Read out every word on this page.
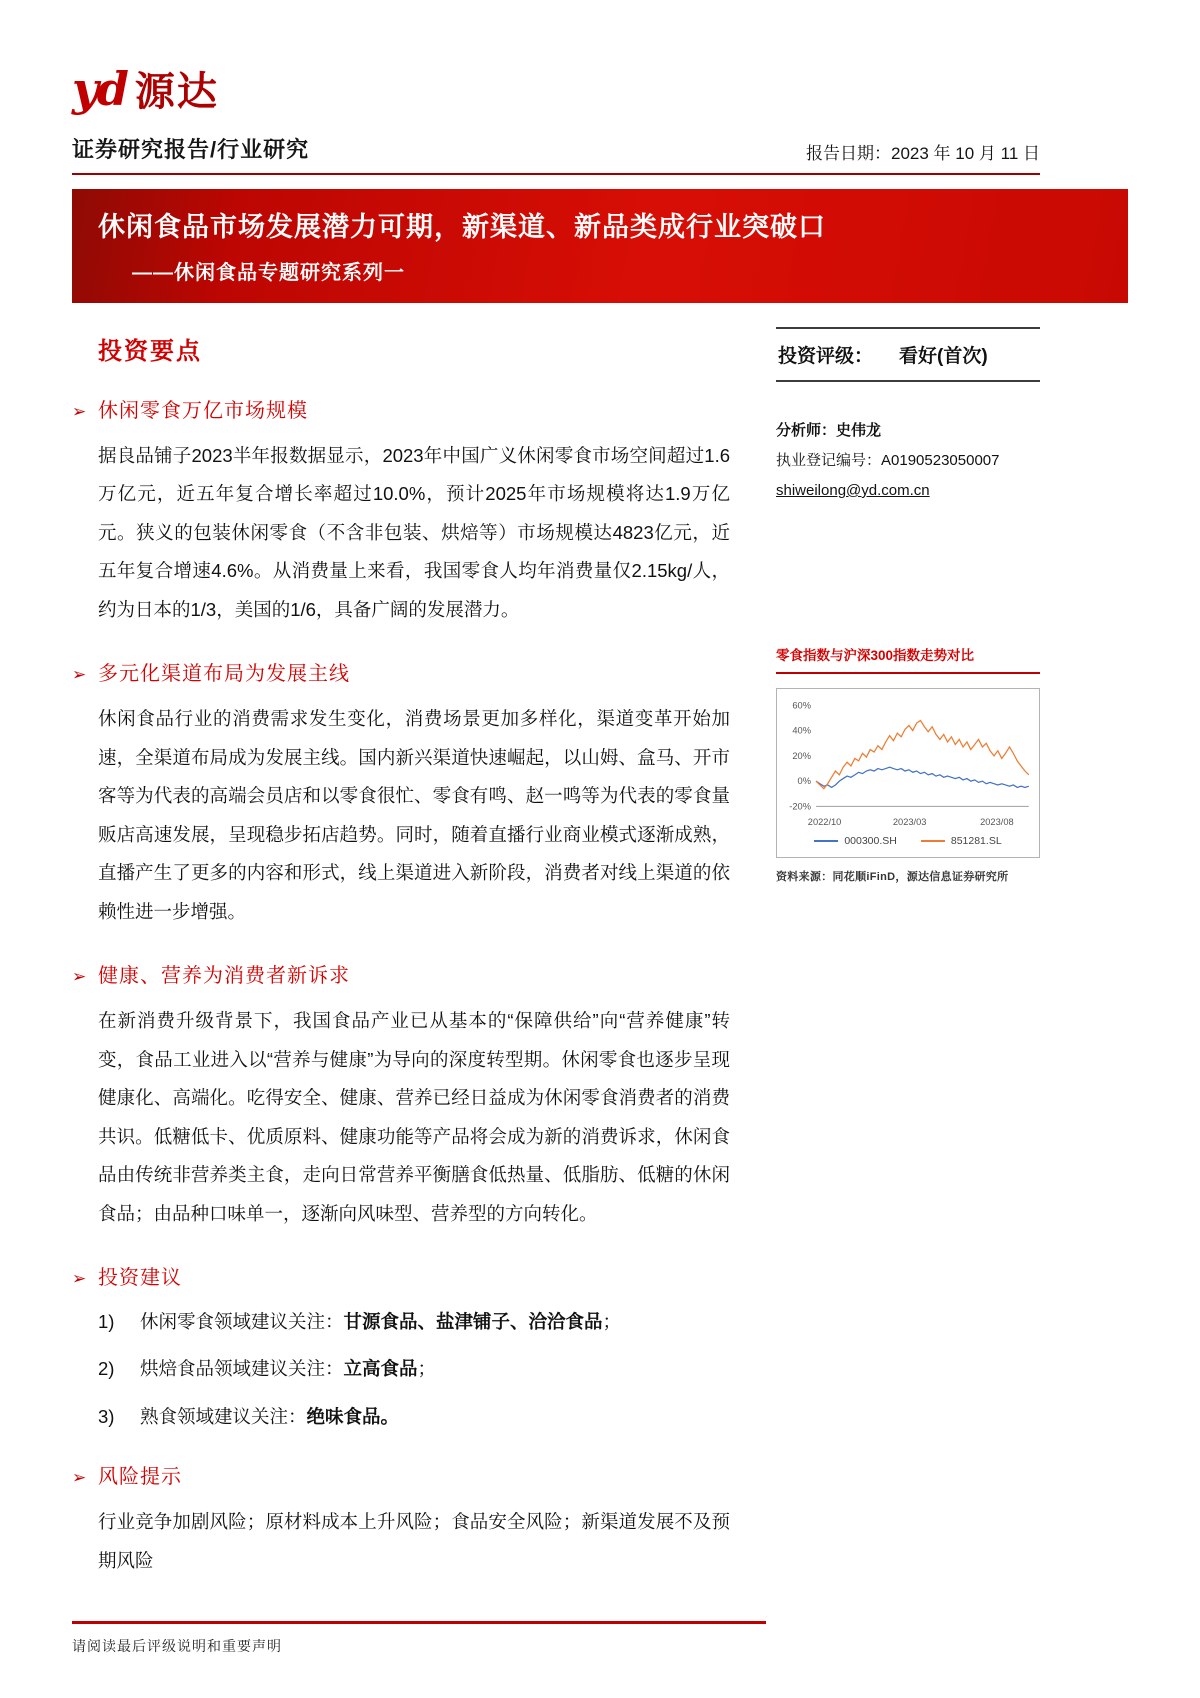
yd 源达
证券研究报告/行业研究	报告日期：2023 年 10 月 11 日
休闲食品市场发展潜力可期，新渠道、新品类成行业突破口
——休闲食品专题研究系列一
投资要点
➢ 休闲零食万亿市场规模

据良品铺子2023半年报数据显示，2023年中国广义休闲零食市场空间超过1.6万亿元，近五年复合增长率超过10.0%，预计2025年市场规模将达1.9万亿元。狭义的包装休闲零食（不含非包装、烘焙等）市场规模达4823亿元，近五年复合增速4.6%。从消费量上来看，我国零食人均年消费量仅2.15kg/人，约为日本的1/3，美国的1/6，具备广阔的发展潜力。

➢ 多元化渠道布局为发展主线

休闲食品行业的消费需求发生变化，消费场景更加多样化，渠道变革开始加速，全渠道布局成为发展主线。国内新兴渠道快速崛起，以山姆、盒马、开市客等为代表的高端会员店和以零食很忙、零食有鸣、赵一鸣等为代表的零食量贩店高速发展，呈现稳步拓店趋势。同时，随着直播行业商业模式逐渐成熟，直播产生了更多的内容和形式，线上渠道进入新阶段，消费者对线上渠道的依赖性进一步增强。

➢ 健康、营养为消费者新诉求

在新消费升级背景下，我国食品产业已从基本的“保障供给”向“营养健康”转变，食品工业进入以“营养与健康”为导向的深度转型期。休闲零食也逐步呈现健康化、高端化。吃得安全、健康、营养已经日益成为休闲零食消费者的消费共识。低糖低卡、优质原料、健康功能等产品将会成为新的消费诉求，休闲食品由传统非营养类主食，走向日常营养平衡膳食低热量、低脂肪、低糖的休闲食品；由品种口味单一，逐渐向风味型、营养型的方向转化。

➢ 投资建议
1)	休闲零食领域建议关注：甘源食品、盐津铺子、洽洽食品；
2)	烘焙食品领域建议关注：立高食品；
3)	熟食领域建议关注：绝味食品。
➢ 风险提示

行业竞争加剧风险；原材料成本上升风险；食品安全风险；新渠道发展不及预期风险

投资评级： 看好(首次)
分析师：史伟龙
执业登记编号：A0190523050007
shiweilong@yd.com.cn
零食指数与沪深300指数走势对比
60%
40%
20%
0%
-20%
2022/10	2023/03	2023/08
000300.SH	851281.SL
资料来源：同花顺iFinD，源达信息证券研究所
请阅读最后评级说明和重要声明
